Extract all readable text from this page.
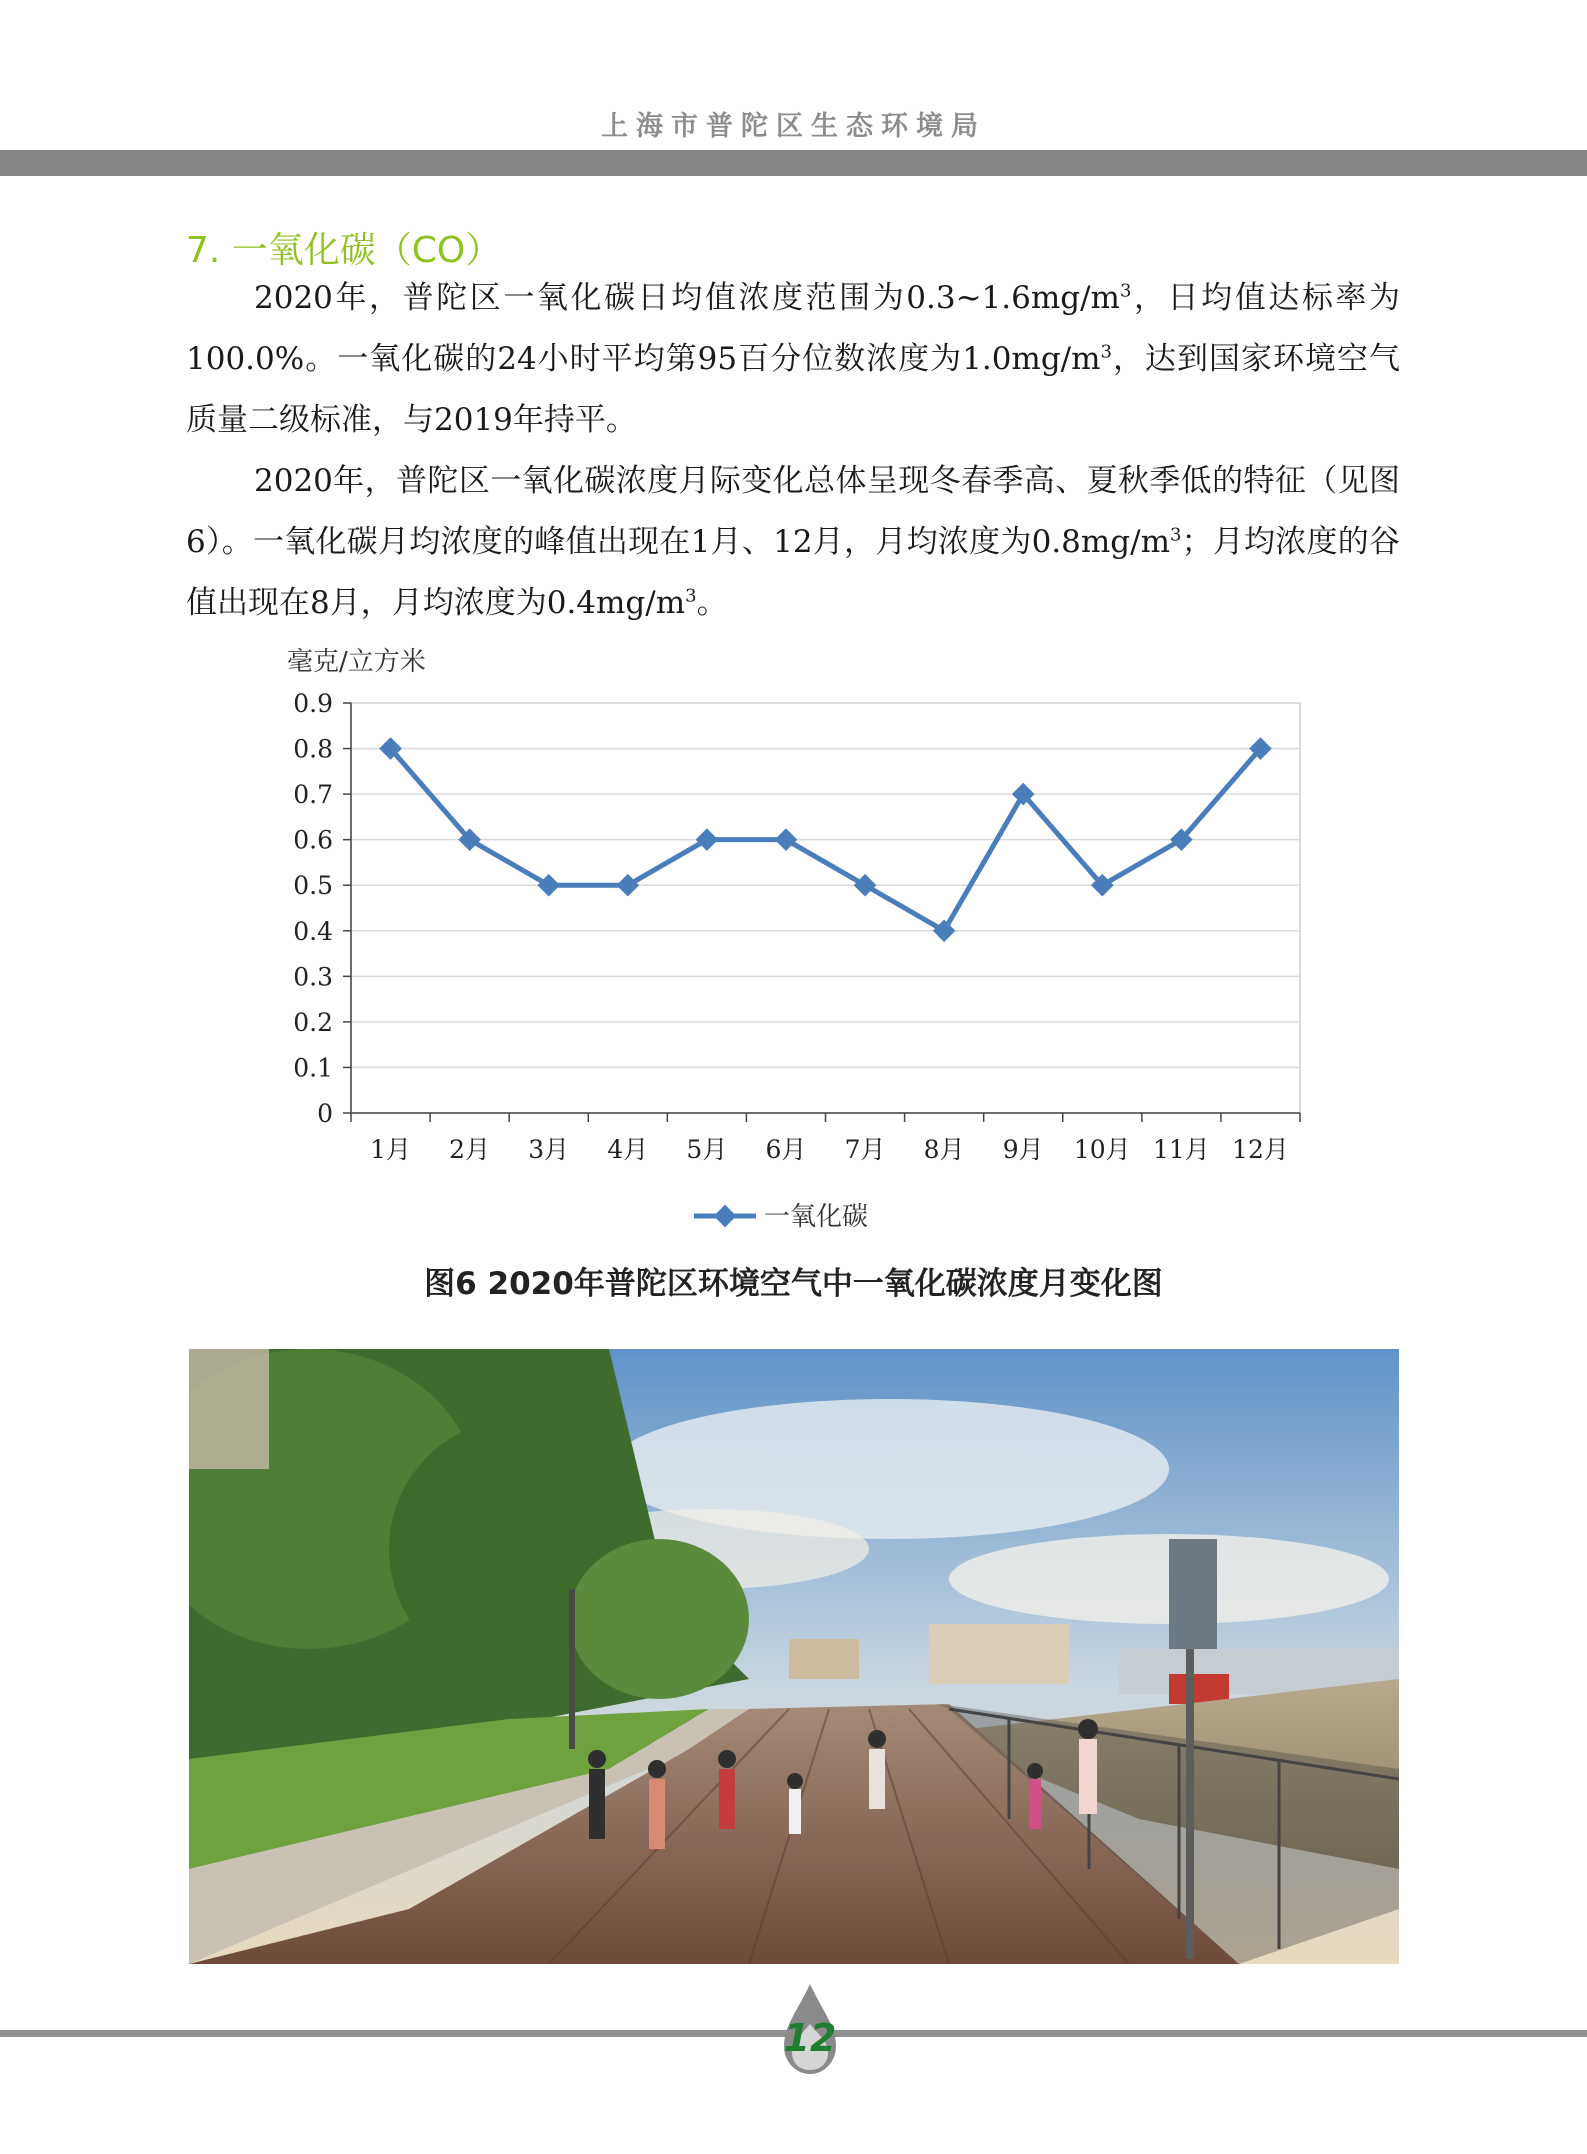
上海市普陀区生态环境局
7. 一氧化碳（CO）

2020年，普陀区一氧化碳日均值浓度范围为$0.3\sim 1.6mg/m^3$，日均值达标率为100.0%。一氧化碳的24小时平均第95百分位数浓度为$1.0mg/m^3$，达到国家环境空气质量二级标准，与2019年持平。

2020年，普陀区一氧化碳浓度月际变化总体呈现冬春季高、夏秋季低的特征（见图6）。一氧化碳月均浓度的峰值出现在1月、12月，月均浓度为$0.8mg/m^3$；月均浓度的谷值出现在8月，月均浓度为$0.4mg/m^3$。

毫克/立方米
0
0.1
0.2
0.3
0.4
0.5
0.6
0.7
0.8
0.9
1月 2月 3月 4月 5月 6月 7月 8月 9月 10月 11月 12月
一氧化碳
图6 2020年普陀区环境空气中一氧化碳浓度月变化图
12
